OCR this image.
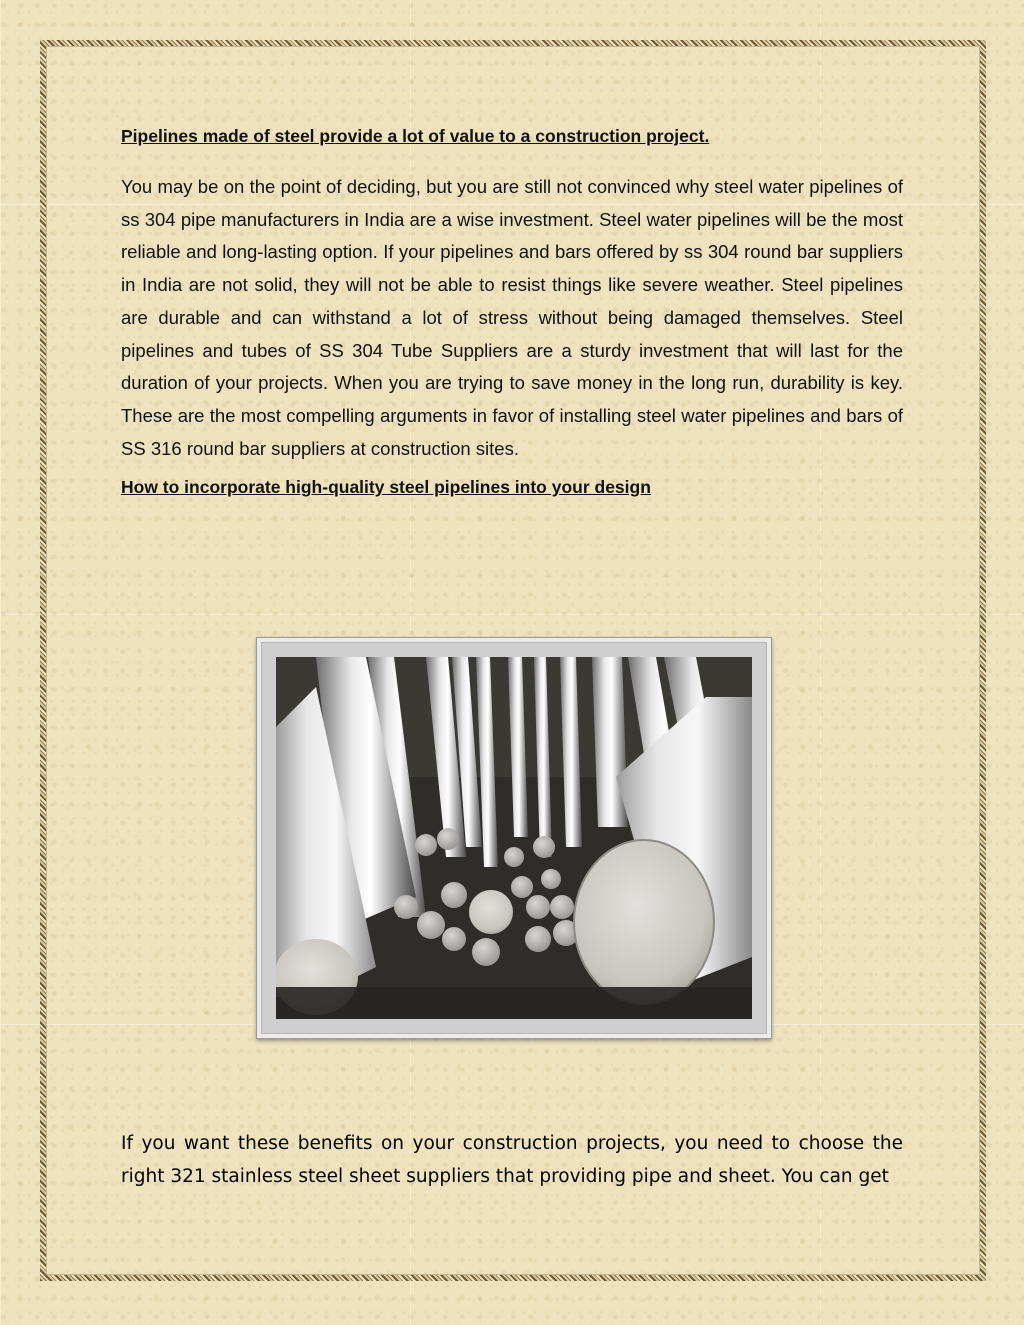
Pipelines made of steel provide a lot of value to a construction project.

You may be on the point of deciding, but you are still not convinced why steel water pipelines of ss 304 pipe manufacturers in India are a wise investment. Steel water pipelines will be the most reliable and long-lasting option. If your pipelines and bars offered by ss 304 round bar suppliers in India are not solid, they will not be able to resist things like severe weather. Steel pipelines are durable and can withstand a lot of stress without being damaged themselves. Steel pipelines and tubes of SS 304 Tube Suppliers are a sturdy investment that will last for the duration of your projects. When you are trying to save money in the long run, durability is key. These are the most compelling arguments in favor of installing steel water pipelines and bars of SS 316 round bar suppliers at construction sites.

How to incorporate high-quality steel pipelines into your design

If you want these benefits on your construction projects, you need to choose the right 321 stainless steel sheet suppliers that providing pipe and sheet. You can get
